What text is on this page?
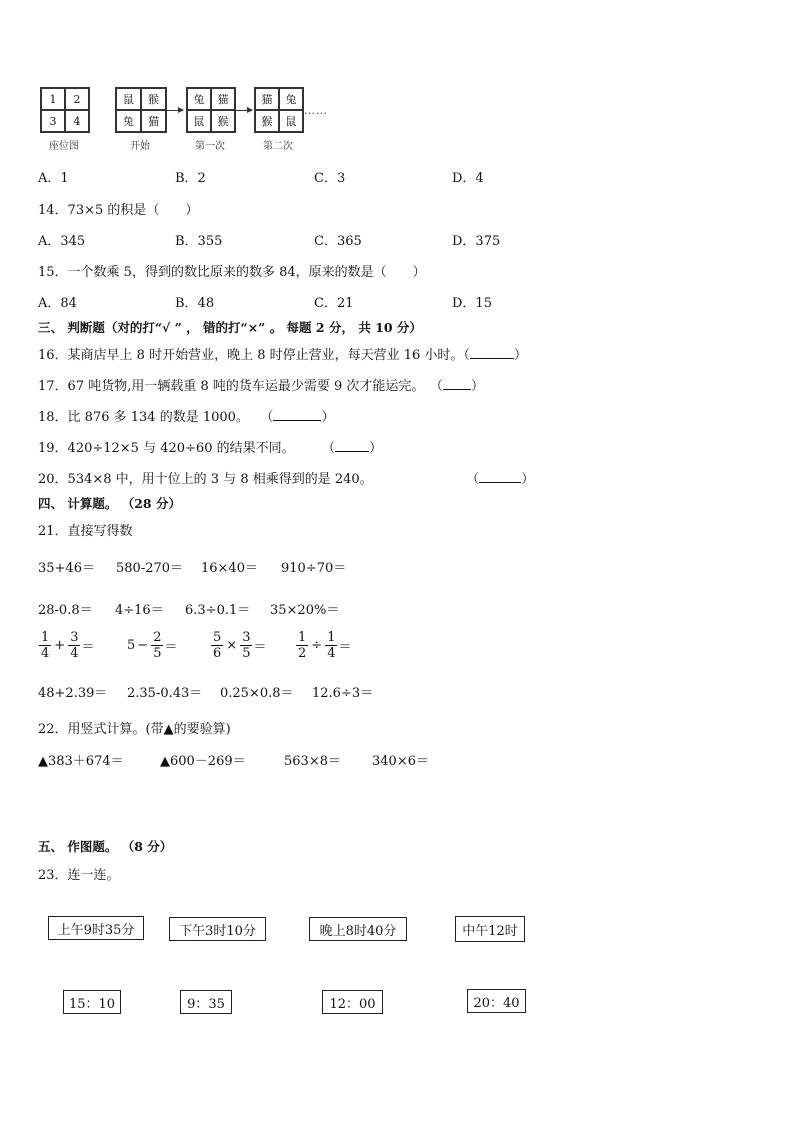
1	2
3	4
座位图
鼠	猴
兔	猫
开始
兔	猫
鼠	猴
第一次
猫	兔
猴	鼠
第二次
……
A．1	B．2	C．3	D．4
14．73×5 的积是（　　）
A．345	B．355	C．365	D．375
15．一个数乘 5，得到的数比原来的数多 84，原来的数是（　　）
A．84	B．48	C．21	D．15
三、 判断题（对的打“√ ” ， 错的打“×” 。 每题 2 分， 共 10 分）
16．某商店早上 8 时开始营业，晚上 8 时停止营业，每天营业 16 小时。（	）
17．67 吨货物,用一辆载重 8 吨的货车运最少需要 9 次才能运完。 （ ）
18．比 876 多 134 的数是 1000。 （	）
19．420÷12×5 与 420÷60 的结果不同。	（	）
20．534×8 中，用十位上的 3 与 8 相乘得到的是 240。	（	）
四、 计算题。 （28 分）
21．直接写得数
35+46＝ 580-270＝ 16×40＝ 910÷70＝
28-0.8＝ 4÷16＝ 6.3÷0.1＝ 35×20%＝
1
4
+ $\frac{3}{4}$ ＝	$5 - \frac{2}{5}$ ＝	$\frac{5}{6} \times \frac{3}{5} = \frac{1}{2} \div \frac{1}{4}$ ＝
48+2.39＝ 2.35-0.43＝ 0.25×0.8＝ 12.6÷3＝
22．用竖式计算。(带▲的要验算)
▲383＋674＝	▲600－269＝	563×8＝ 340×6＝
五、 作图题。 （8 分）
23．连一连。
上午9时35分	下午3时10分	晚上8时40分	中午12时
15：10	9：35	12：00	20：40
